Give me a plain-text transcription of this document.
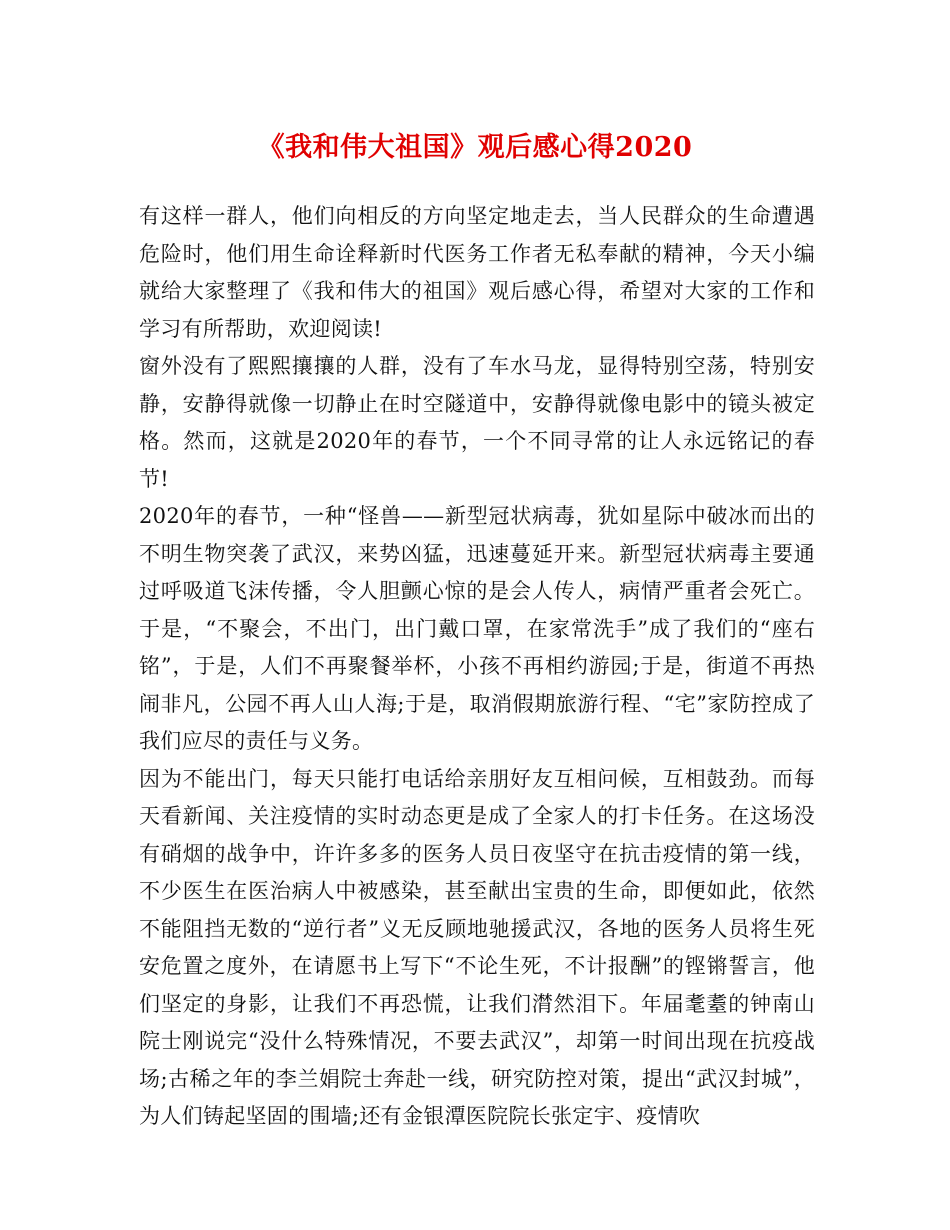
《我和伟大祖国》观后感心得2020

有这样一群人，他们向相反的方向坚定地走去，当人民群众的生命遭遇危险时，他们用生命诠释新时代医务工作者无私奉献的精神，今天小编就给大家整理了《我和伟大的祖国》观后感心得，希望对大家的工作和学习有所帮助，欢迎阅读!

窗外没有了熙熙攘攘的人群，没有了车水马龙，显得特别空荡，特别安静，安静得就像一切静止在时空隧道中，安静得就像电影中的镜头被定格。然而，这就是2020年的春节，一个不同寻常的让人永远铭记的春节!

2020年的春节，一种“怪兽——新型冠状病毒，犹如星际中破冰而出的不明生物突袭了武汉，来势凶猛，迅速蔓延开来。新型冠状病毒主要通过呼吸道飞沫传播，令人胆颤心惊的是会人传人，病情严重者会死亡。于是，“不聚会，不出门，出门戴口罩，在家常洗手”成了我们的“座右铭”，于是，人们不再聚餐举杯，小孩不再相约游园;于是，街道不再热闹非凡，公园不再人山人海;于是，取消假期旅游行程、“宅”家防控成了我们应尽的责任与义务。

因为不能出门，每天只能打电话给亲朋好友互相问候，互相鼓劲。而每天看新闻、关注疫情的实时动态更是成了全家人的打卡任务。在这场没有硝烟的战争中，许许多多的医务人员日夜坚守在抗击疫情的第一线，不少医生在医治病人中被感染，甚至献出宝贵的生命，即便如此，依然不能阻挡无数的“逆行者”义无反顾地驰援武汉，各地的医务人员将生死安危置之度外，在请愿书上写下“不论生死，不计报酬”的铿锵誓言，他们坚定的身影，让我们不再恐慌，让我们潸然泪下。年届耄耋的钟南山院士刚说完“没什么特殊情况，不要去武汉”，却第一时间出现在抗疫战场;古稀之年的李兰娟院士奔赴一线，研究防控对策，提出“武汉封城”，为人们铸起坚固的围墙;还有金银潭医院院长张定宇、疫情吹
